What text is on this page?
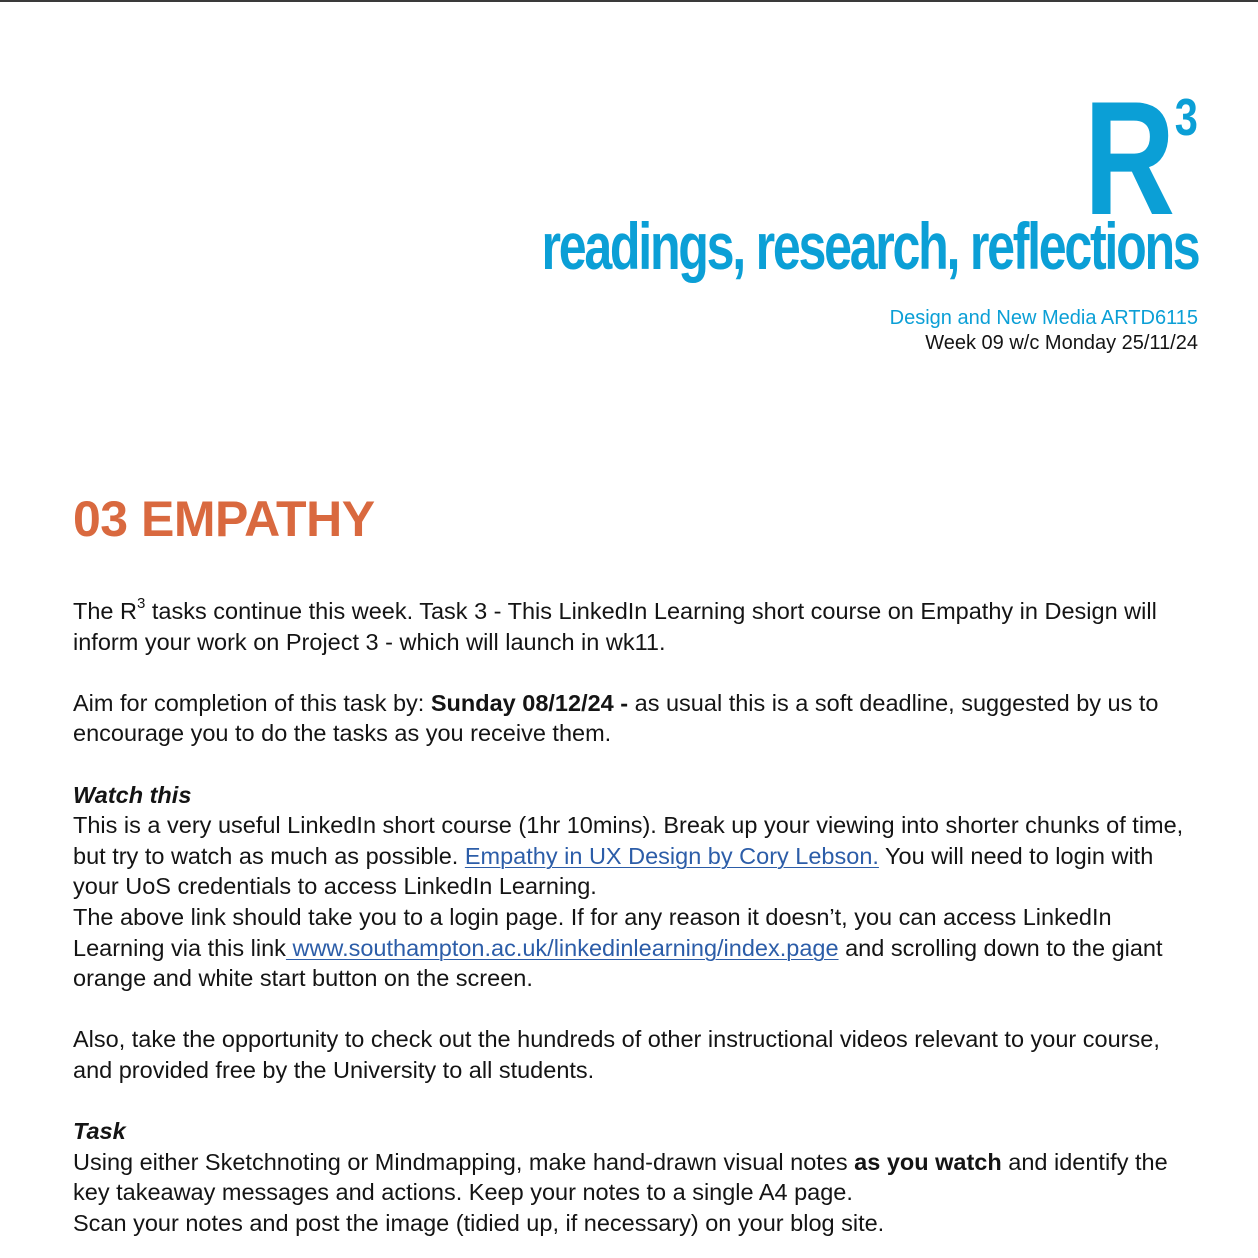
R 3
readings, research, reflections
Design and New Media ARTD6115
Week 09 w/c Monday 25/11/24
03 EMPATHY

The $R^3$ tasks continue this week. Task 3 - This LinkedIn Learning short course on Empathy in Design will inform your work on Project 3 - which will launch in wk11.

Aim for completion of this task by: Sunday 08/12/24 - as usual this is a soft deadline, suggested by us to encourage you to do the tasks as you receive them.

Watch this

This is a very useful LinkedIn short course (1hr 10mins). Break up your viewing into shorter chunks of time, but try to watch as much as possible. Empathy in UX Design by Cory Lebson. You will need to login with your UoS credentials to access LinkedIn Learning.

The above link should take you to a login page. If for any reason it doesn’t, you can access LinkedIn Learning via this link www.southampton.ac.uk/linkedinlearning/index.page and scrolling down to the giant orange and white start button on the screen.

Also, take the opportunity to check out the hundreds of other instructional videos relevant to your course, and provided free by the University to all students.

Task

Using either Sketchnoting or Mindmapping, make hand-drawn visual notes as you watch and identify the key takeaway messages and actions. Keep your notes to a single A4 page.

Scan your notes and post the image (tidied up, if necessary) on your blog site.
